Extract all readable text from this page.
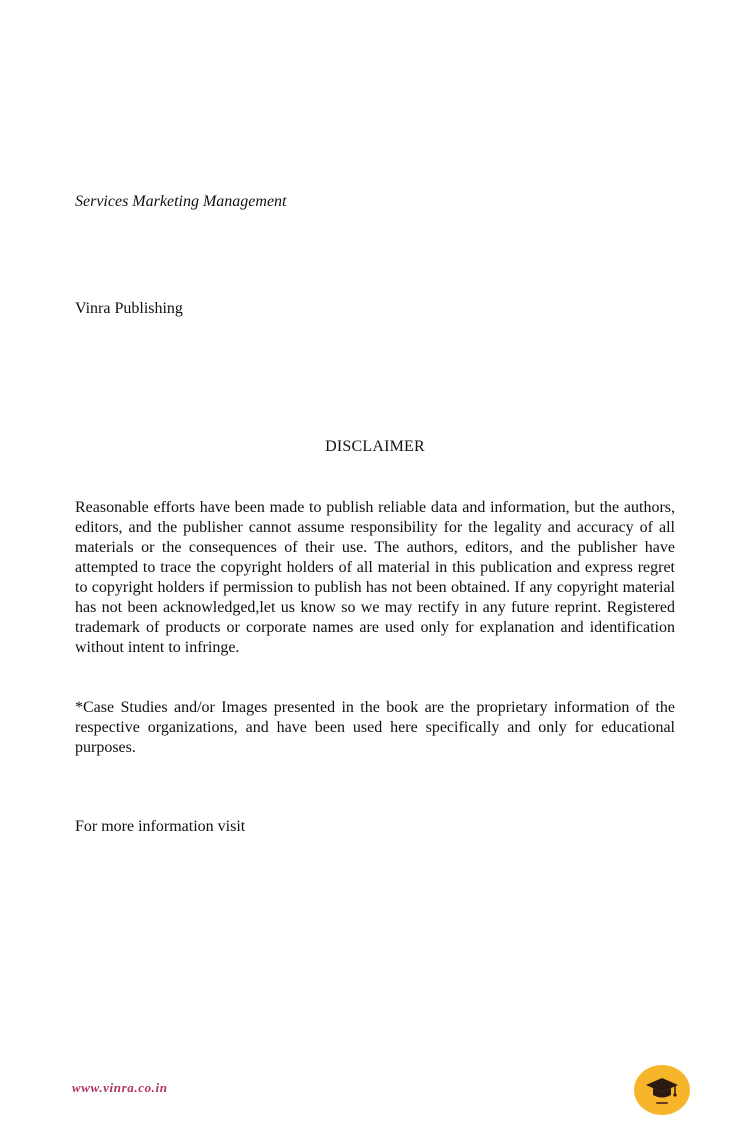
Services Marketing Management

Vinra Publishing

DISCLAIMER

Reasonable efforts have been made to publish reliable data and information, but the authors, editors, and the publisher cannot assume responsibility for the legality and accuracy of all materials or the consequences of their use. The authors, editors, and the publisher have attempted to trace the copyright holders of all material in this publication and express regret to copyright holders if permission to publish has not been obtained. If any copyright material has not been acknowledged,let us know so we may rectify in any future reprint. Registered trademark of products or corporate names are used only for explanation and identification without intent to infringe.

*Case Studies and/or Images presented in the book are the proprietary information of the respective organizations, and have been used here specifically and only for educational purposes.

For more information visit

www.vinra.co.in
